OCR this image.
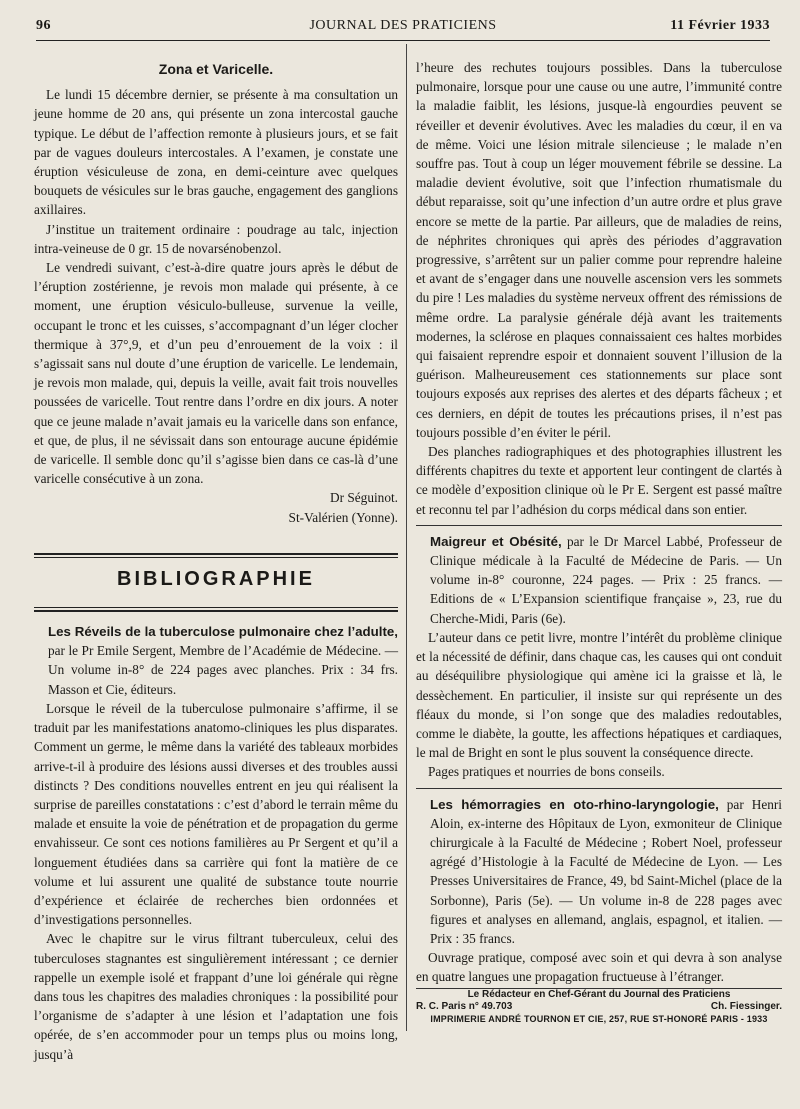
96	JOURNAL DES PRATICIENS	11 Février 1933
Zona et Varicelle.

Le lundi 15 décembre dernier, se présente à ma consultation un jeune homme de 20 ans, qui présente un zona intercostal gauche typique. Le début de l’affection remonte à plusieurs jours, et se fait par de vagues douleurs intercostales. A l’examen, je constate une éruption vésiculeuse de zona, en demi-ceinture avec quelques bouquets de vésicules sur le bras gauche, engagement des ganglions axillaires.

J’institue un traitement ordinaire : poudrage au talc, injection intra-veineuse de 0 gr. 15 de novarsénobenzol.

Le vendredi suivant, c’est-à-dire quatre jours après le début de l’éruption zostérienne, je revois mon malade qui présente, à ce moment, une éruption vésiculo-bulleuse, survenue la veille, occupant le tronc et les cuisses, s’accompagnant d’un léger clocher thermique à 37°,9, et d’un peu d’enrouement de la voix : il s’agissait sans nul doute d’une éruption de varicelle. Le lendemain, je revois mon malade, qui, depuis la veille, avait fait trois nouvelles poussées de varicelle. Tout rentre dans l’ordre en dix jours. A noter que ce jeune malade n’avait jamais eu la varicelle dans son enfance, et que, de plus, il ne sévissait dans son entourage aucune épidémie de varicelle. Il semble donc qu’il s’agisse bien dans ce cas-là d’une varicelle consécutive à un zona.

Dr Séguinot.
St-Valérien (Yonne).
BIBLIOGRAPHIE

Les Réveils de la tuberculose pulmonaire chez l’adulte, par le Pr Emile Sergent, Membre de l’Académie de Médecine. — Un volume in-8° de 224 pages avec planches. Prix : 34 frs. Masson et Cie, éditeurs.

Lorsque le réveil de la tuberculose pulmonaire s’affirme, il se traduit par les manifestations anatomo-cliniques les plus disparates. Comment un germe, le même dans la variété des tableaux morbides arrive-t-il à produire des lésions aussi diverses et des troubles aussi distincts ? Des conditions nouvelles entrent en jeu qui réalisent la surprise de pareilles constatations : c’est d’abord le terrain même du malade et ensuite la voie de pénétration et de propagation du germe envahisseur. Ce sont ces notions familières au Pr Sergent et qu’il a longuement étudiées dans sa carrière qui font la matière de ce volume et lui assurent une qualité de substance toute nourrie d’expérience et éclairée de recherches bien ordonnées et d’investigations personnelles.

Avec le chapitre sur le virus filtrant tuberculeux, celui des tuberculoses stagnantes est singulièrement intéressant ; ce dernier rappelle un exemple isolé et frappant d’une loi générale qui règne dans tous les chapitres des maladies chroniques : la possibilité pour l’organisme de s’adapter à une lésion et l’adaptation une fois opérée, de s’en accommoder pour un temps plus ou moins long, jusqu’à

l’heure des rechutes toujours possibles. Dans la tuberculose pulmonaire, lorsque pour une cause ou une autre, l’immunité contre la maladie faiblit, les lésions, jusque-là engourdies peuvent se réveiller et devenir évolutives. Avec les maladies du cœur, il en va de même. Voici une lésion mitrale silencieuse ; le malade n’en souffre pas. Tout à coup un léger mouvement fébrile se dessine. La maladie devient évolutive, soit que l’infection rhumatismale du début reparaisse, soit qu’une infection d’un autre ordre et plus grave encore se mette de la partie. Par ailleurs, que de maladies de reins, de néphrites chroniques qui après des périodes d’aggravation progressive, s’arrêtent sur un palier comme pour reprendre haleine et avant de s’engager dans une nouvelle ascension vers les sommets du pire ! Les maladies du système nerveux offrent des rémissions de même ordre. La paralysie générale déjà avant les traitements modernes, la sclérose en plaques connaissaient ces haltes morbides qui faisaient reprendre espoir et donnaient souvent l’illusion de la guérison. Malheureusement ces stationnements sur place sont toujours exposés aux reprises des alertes et des départs fâcheux ; et ces derniers, en dépit de toutes les précautions prises, il n’est pas toujours possible d’en éviter le péril.

Des planches radiographiques et des photographies illustrent les différents chapitres du texte et apportent leur contingent de clartés à ce modèle d’exposition clinique où le Pr E. Sergent est passé maître et reconnu tel par l’adhésion du corps médical dans son entier.

Maigreur et Obésité, par le Dr Marcel Labbé, Professeur de Clinique médicale à la Faculté de Médecine de Paris. — Un volume in-8° couronne, 224 pages. — Prix : 25 francs. — Editions de « L’Expansion scientifique française », 23, rue du Cherche-Midi, Paris (6e).

L’auteur dans ce petit livre, montre l’intérêt du problème clinique et la nécessité de définir, dans chaque cas, les causes qui ont conduit au déséquilibre physiologique qui amène ici la graisse et là, le dessèchement. En particulier, il insiste sur qui représente un des fléaux du monde, si l’on songe que des maladies redoutables, comme le diabète, la goutte, les affections hépatiques et cardiaques, le mal de Bright en sont le plus souvent la conséquence directe.

Pages pratiques et nourries de bons conseils.

Les hémorragies en oto-rhino-laryngologie, par Henri Aloin, ex-interne des Hôpitaux de Lyon, exmoniteur de Clinique chirurgicale à la Faculté de Médecine ; Robert Noel, professeur agrégé d’Histologie à la Faculté de Médecine de Lyon. — Les Presses Universitaires de France, 49, bd Saint-Michel (place de la Sorbonne), Paris (5e). — Un volume in-8 de 228 pages avec figures et analyses en allemand, anglais, espagnol, et italien. — Prix : 35 francs.

Ouvrage pratique, composé avec soin et qui devra à son analyse en quatre langues une propagation fructueuse à l’étranger.

Le Rédacteur en Chef-Gérant du Journal des Praticiens
R. C. Paris n° 49.703	Ch. Fiessinger.
IMPRIMERIE ANDRÉ TOURNON ET CIE, 257, RUE ST-HONORÉ PARIS - 1933
